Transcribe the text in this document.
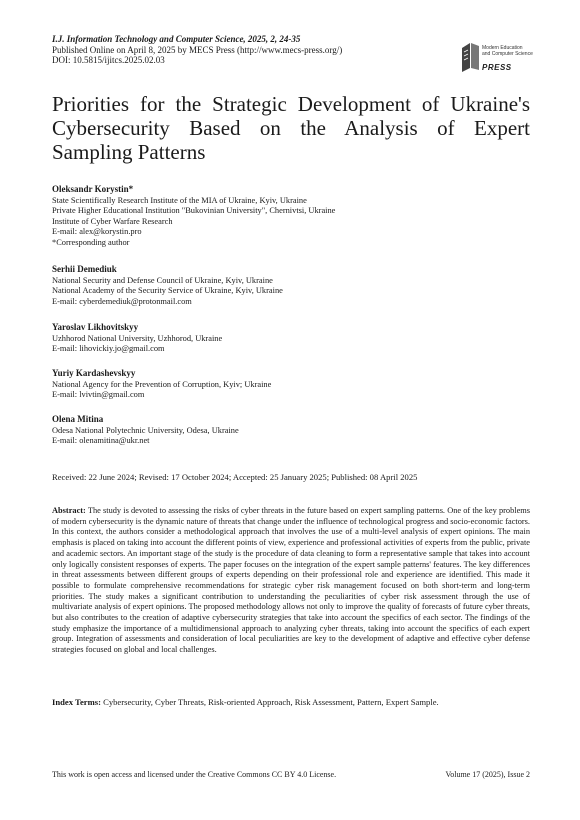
I.J. Information Technology and Computer Science, 2025, 2, 24-35
Published Online on April 8, 2025 by MECS Press (http://www.mecs-press.org/)
DOI: 10.5815/ijitcs.2025.02.03
Modern Education
and Computer Science
PRESS
Priorities for the Strategic Development of Ukraine's Cybersecurity Based on the Analysis of Expert Sampling Patterns
Oleksandr Korystin*
State Scientifically Research Institute of the MIA of Ukraine, Kyiv, Ukraine
Private Higher Educational Institution "Bukovinian University", Chernivtsi, Ukraine
Institute of Cyber Warfare Research
E-mail: alex@korystin.pro
*Corresponding author
Serhii Demediuk
National Security and Defense Council of Ukraine, Kyiv, Ukraine
National Academy of the Security Service of Ukraine, Kyiv, Ukraine
E-mail: cyberdemediuk@protonmail.com
Yaroslav Likhovitskyy
Uzhhorod National University, Uzhhorod, Ukraine
E-mail: lihovickiy.jo@gmail.com
Yuriy Kardashevskyy
National Agency for the Prevention of Corruption, Kyiv; Ukraine
E-mail: lvivtin@gmail.com
Olena Mitina
Odesa National Polytechnic University, Odesa, Ukraine
E-mail: olenamitina@ukr.net
Received: 22 June 2024; Revised: 17 October 2024; Accepted: 25 January 2025; Published: 08 April 2025

Abstract: The study is devoted to assessing the risks of cyber threats in the future based on expert sampling patterns. One of the key problems of modern cybersecurity is the dynamic nature of threats that change under the influence of technological progress and socio-economic factors. In this context, the authors consider a methodological approach that involves the use of a multi-level analysis of expert opinions. The main emphasis is placed on taking into account the different points of view, experience and professional activities of experts from the public, private and academic sectors. An important stage of the study is the procedure of data cleaning to form a representative sample that takes into account only logically consistent responses of experts. The paper focuses on the integration of the expert sample patterns' features. The key differences in threat assessments between different groups of experts depending on their professional role and experience are identified. This made it possible to formulate comprehensive recommendations for strategic cyber risk management focused on both short-term and long-term priorities. The study makes a significant contribution to understanding the peculiarities of cyber risk assessment through the use of multivariate analysis of expert opinions. The proposed methodology allows not only to improve the quality of forecasts of future cyber threats, but also contributes to the creation of adaptive cybersecurity strategies that take into account the specifics of each sector. The findings of the study emphasize the importance of a multidimensional approach to analyzing cyber threats, taking into account the specifics of each expert group. Integration of assessments and consideration of local peculiarities are key to the development of adaptive and effective cyber defense strategies focused on global and local challenges.

Index Terms: Cybersecurity, Cyber Threats, Risk-oriented Approach, Risk Assessment, Pattern, Expert Sample.
This work is open access and licensed under the Creative Commons CC BY 4.0 License.	Volume 17 (2025), Issue 2
